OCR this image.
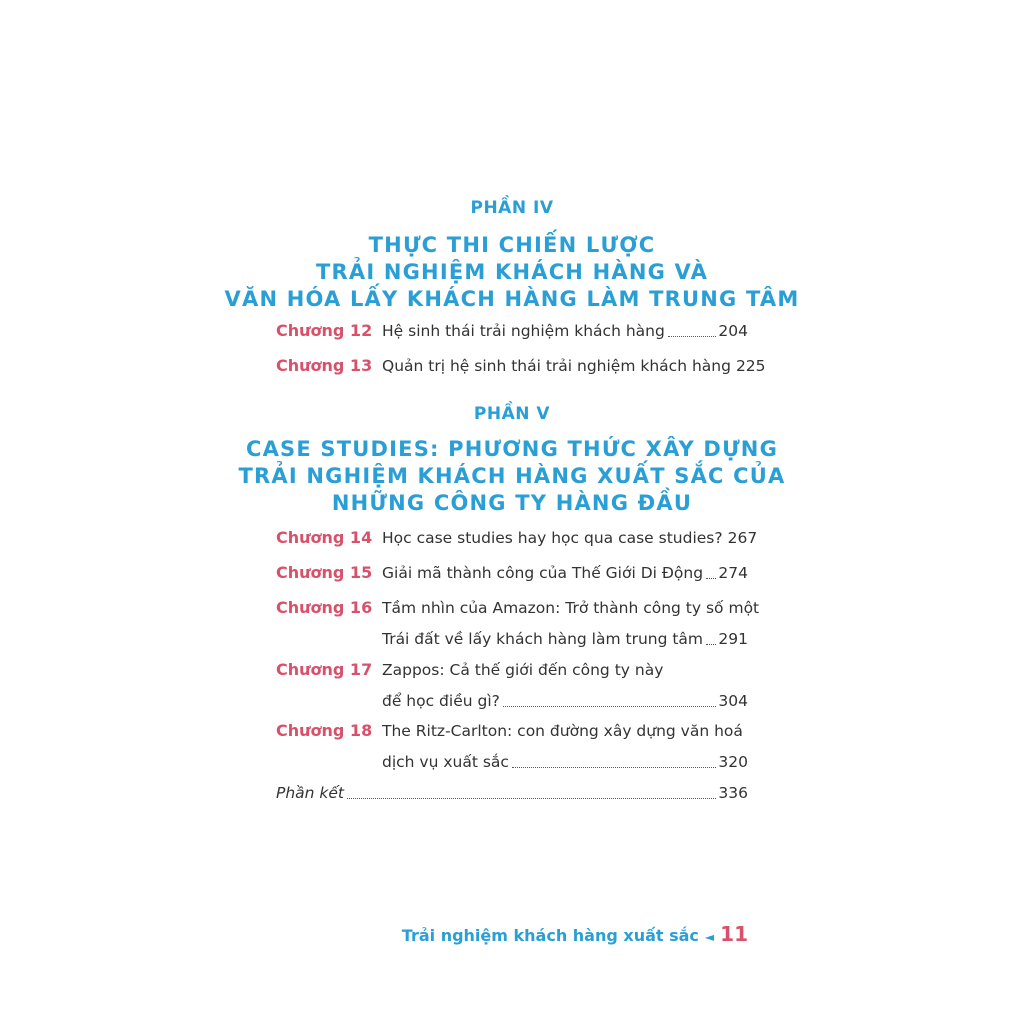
PHẦN IV
THỰC THI CHIẾN LƯỢC
TRẢI NGHIỆM KHÁCH HÀNG VÀ
VĂN HÓA LẤY KHÁCH HÀNG LÀM TRUNG TÂM
Chương 12 Hệ sinh thái trải nghiệm khách hàng	204
Chương 13 Quản trị hệ sinh thái trải nghiệm khách hàng 225
PHẦN V
CASE STUDIES: PHƯƠNG THỨC XÂY DỰNG
TRẢI NGHIỆM KHÁCH HÀNG XUẤT SẮC CỦA
NHỮNG CÔNG TY HÀNG ĐẦU
Chương 14 Học case studies hay học qua case studies? 267
Chương 15 Giải mã thành công của Thế Giới Di Động 274
Chương 16 Tầm nhìn của Amazon: Trở thành công ty số một
Trái đất về lấy khách hàng làm trung tâm 291
Chương 17 Zappos: Cả thế giới đến công ty này
để học điều gì?	304
Chương 18 The Ritz-Carlton: con đường xây dựng văn hoá
dịch vụ xuất sắc	320
Phần kết	336
Trải nghiệm khách hàng xuất sắc ◄ 11
